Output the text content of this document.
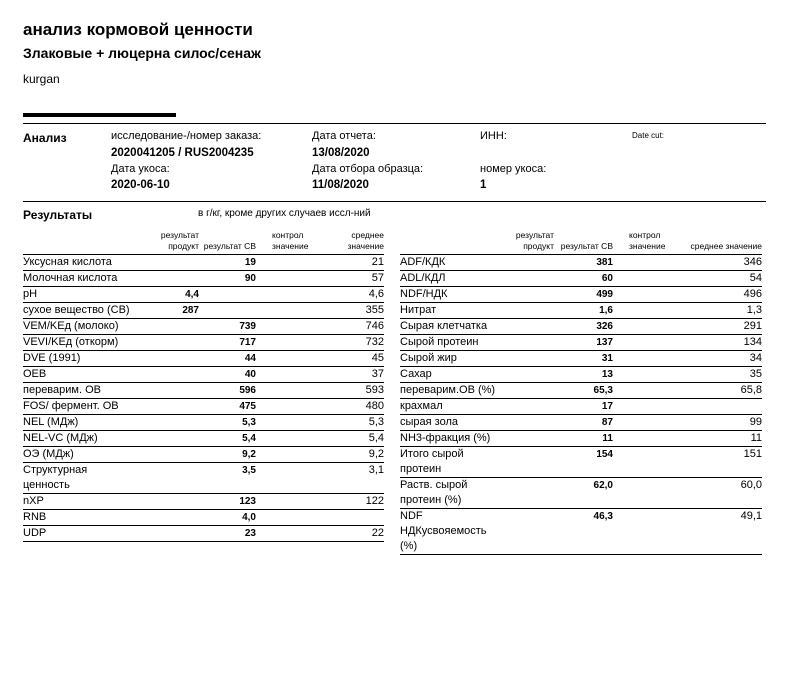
анализ кормовой ценности
Злаковые + люцерна силос/сенаж
kurgan
Анализ	исследование-/номер заказа:
2020041205 / RUS2004235
Дата отчета:
13/08/2020
ИНН:	Date cut:
Дата укоса:
2020-06-10
Дата отбора образца:
11/08/2020
номер укоса:
1
Результаты	в г/кг, кроме других случаев иссл-ний
	результат продукт	результат СВ	контрол значение	среднее значение
Уксусная кислота		19		21
Молочная кислота		90		57
pH	4,4			4,6
сухое вещество (СВ)	287			355
VEM/KEд (молоко)		739		746
VEVI/KEд (откорм)		717		732
DVE (1991)		44		45
OEB		40		37
переварим. ОВ		596		593
FOS/ фермент. ОВ		475		480
NEL (МДж)		5,3		5,3
NEL-VC (МДж)		5,4		5,4
ОЭ (МДж)		9,2		9,2
Структурная ценность		3,5		3,1
nXP		123		122
RNB		4,0		
UDP		23		22
	результат продукт	результат СВ	контрол значение	среднее значение
ADF/КДК		381		346
ADL/КДЛ		60		54
NDF/НДК		499		496
Нитрат		1,6		1,3
Сырая клетчатка		326		291
Сырой протеин		137		134
Сырой жир		31		34
Сахар		13		35
переварим.ОВ (%)		65,3		65,8
крахмал		17		
сырая зола		87		99
NH3-фракция (%)		11		11
Итого сырой протеин		154		151
Раств. сырой протеин (%)		62,0		60,0
NDF НДКусвояемость (%)		46,3		49,1
